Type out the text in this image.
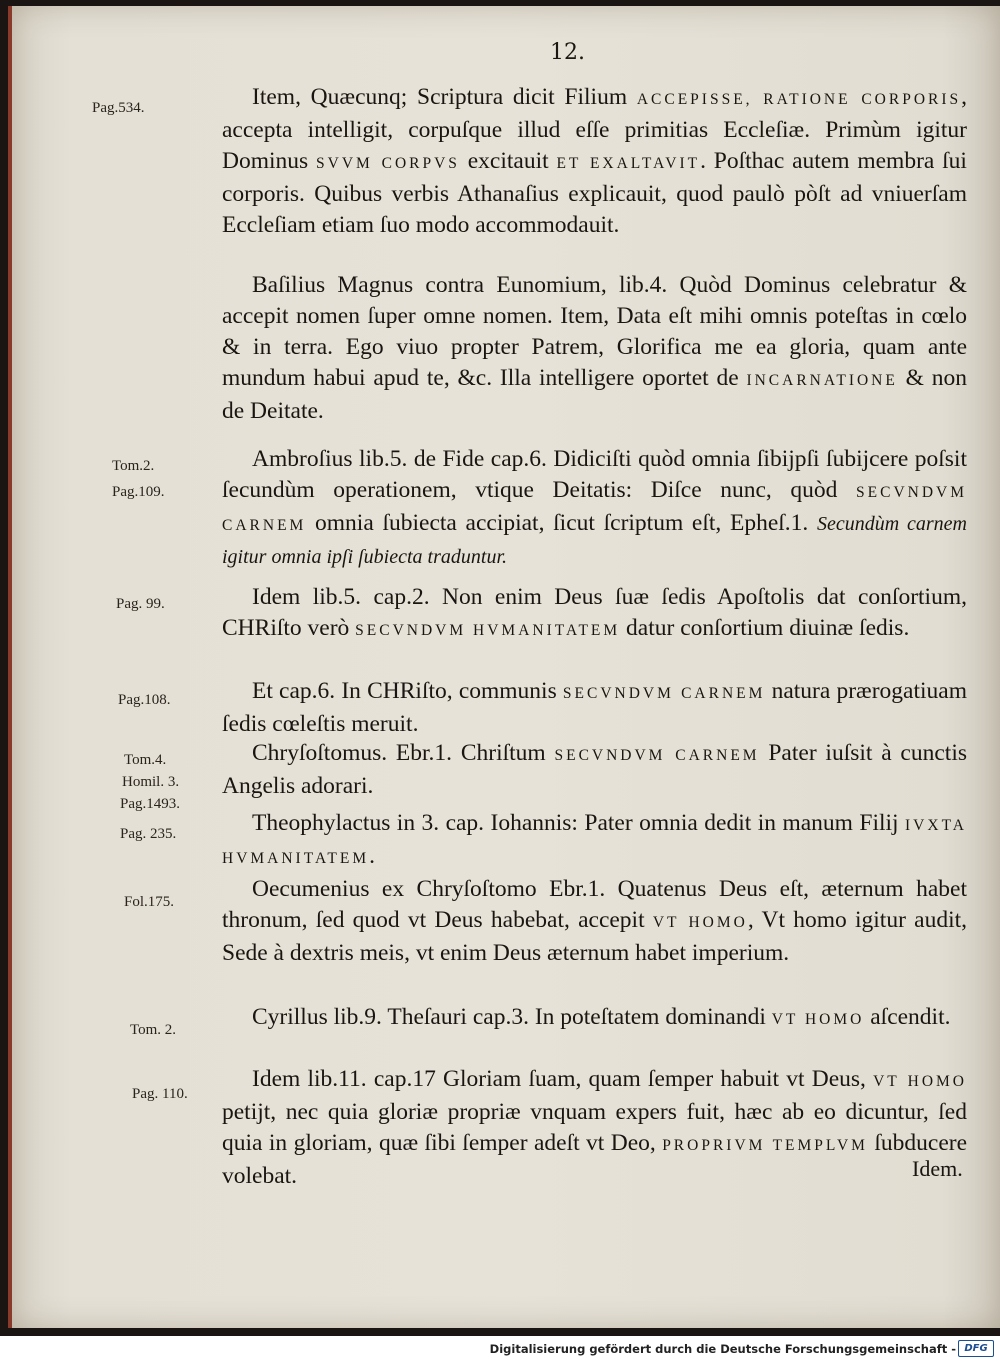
12.
Pag.534.
Tom.2.
Pag.109.
Pag. 99.
Pag.108.
Tom.4.
Homil. 3.
Pag.1493.
Pag. 235.
Fol.175.
Tom. 2.
Pag. 110.
Item, Quæcunq; Scriptura dicit Filium ACCEPISSE, RATIONE CORPORIS, accepta intelligit, corpuſque illud eſſe primitias Eccleſiæ. Primùm igitur Dominus SVVM CORPVS excitauit ET EXALTAVIT. Poſthac autem membra ſui corporis. Quibus verbis Athanaſius explicauit, quod paulò pòſt ad vniuerſam Eccleſiam etiam ſuo modo accommodauit.
Baſilius Magnus contra Eunomium, lib.4. Quòd Dominus celebratur & accepit nomen ſuper omne nomen. Item, Data eſt mihi omnis poteſtas in cœlo & in terra. Ego viuo propter Patrem, Glorifica me ea gloria, quam ante mundum habui apud te, &c. Illa intelligere oportet de INCARNATIONE & non de Deitate.
Ambroſius lib.5. de Fide cap.6. Didiciſti quòd omnia ſibijpſi ſubijcere poſsit ſecundùm operationem, vtique Deitatis: Diſce nunc, quòd SECVNDVM CARNEM omnia ſubiecta accipiat, ſicut ſcriptum eſt, Epheſ.1. Secundùm carnem igitur omnia ipſi ſubiecta traduntur.
Idem lib.5. cap.2. Non enim Deus ſuæ ſedis Apoſtolis dat conſortium, CHRiſto verò SECVNDVM HVMANITATEM datur conſortium diuinæ ſedis.
Et cap.6. In CHRiſto, communis SECVNDVM CARNEM natura prærogatiuam ſedis cœleſtis meruit.
Chryſoſtomus. Ebr.1. Chriſtum SECVNDVM CARNEM Pater iuſsit à cunctis Angelis adorari.
Theophylactus in 3. cap. Iohannis: Pater omnia dedit in manum Filij IVXTA HVMANITATEM.
Oecumenius ex Chryſoſtomo Ebr.1. Quatenus Deus eſt, æternum habet thronum, ſed quod vt Deus habebat, accepit VT HOMO, Vt homo igitur audit, Sede à dextris meis, vt enim Deus æternum habet imperium.
Cyrillus lib.9. Theſauri cap.3. In poteſtatem dominandi VT HOMO aſcendit.
Idem lib.11. cap.17 Gloriam ſuam, quam ſemper habuit vt Deus, VT HOMO petijt, nec quia gloriæ propriæ vnquam expers fuit, hæc ab eo dicuntur, ſed quia in gloriam, quæ ſibi ſemper adeſt vt Deo, PROPRIVM TEMPLVM ſubducere volebat.	Idem.
Digitalisierung gefördert durch die Deutsche Forschungsgemeinschaft - DFG
